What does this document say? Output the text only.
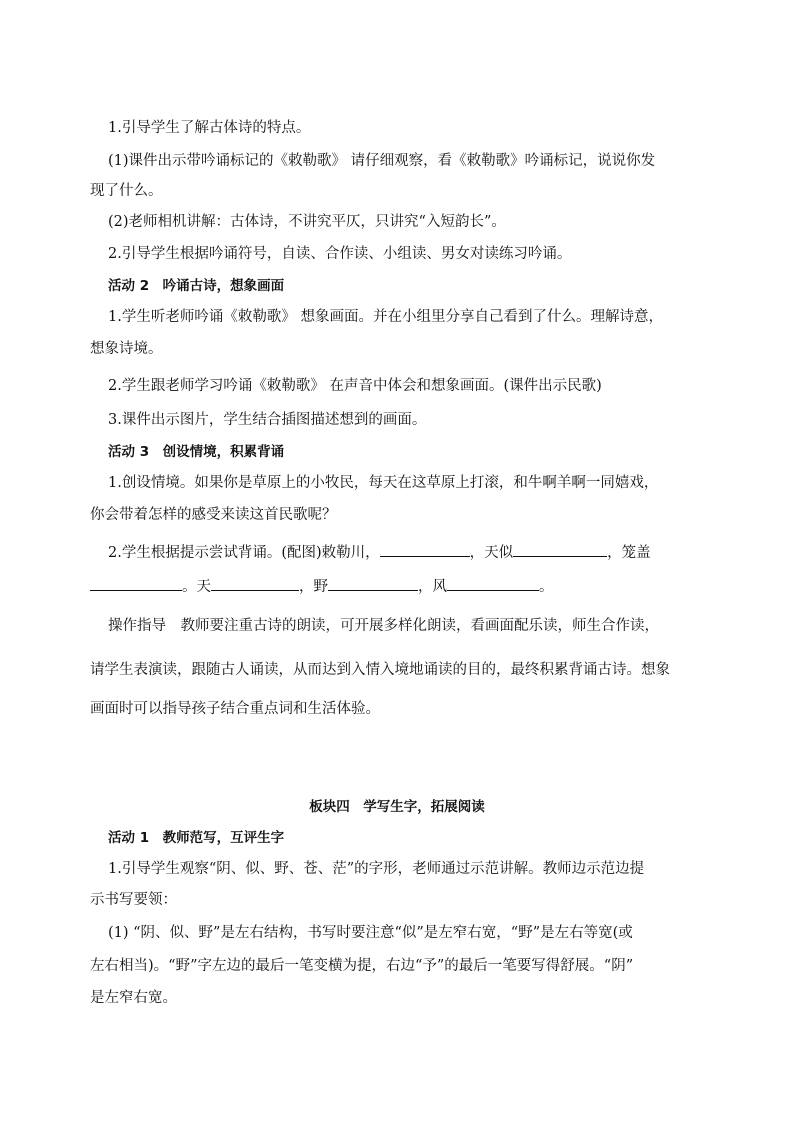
1.引导学生了解古体诗的特点。
(1)课件出示带吟诵标记的《敕勒歌》 请仔细观察，看《敕勒歌》吟诵标记，说说你发
现了什么。
(2)老师相机讲解：古体诗，不讲究平仄，只讲究“入短韵长”。
2.引导学生根据吟诵符号，自读、合作读、小组读、男女对读练习吟诵。
活动 2　吟诵古诗，想象画面
1.学生听老师吟诵《敕勒歌》 想象画面。并在小组里分享自己看到了什么。理解诗意，
想象诗境。
2.学生跟老师学习吟诵《敕勒歌》 在声音中体会和想象画面。(课件出示民歌)
3.课件出示图片，学生结合插图描述想到的画面。
活动 3　创设情境，积累背诵
1.创设情境。如果你是草原上的小牧民，每天在这草原上打滚，和牛啊羊啊一同嬉戏，
你会带着怎样的感受来读这首民歌呢？
2.学生根据提示尝试背诵。(配图)敕勒川，	，天似	，笼盖
。天	，野	，风	。
操作指导　教师要注重古诗的朗读，可开展多样化朗读，看画面配乐读，师生合作读，
请学生表演读，跟随古人诵读，从而达到入情入境地诵读的目的，最终积累背诵古诗。想象
画面时可以指导孩子结合重点词和生活体验。
板块四　学写生字，拓展阅读
活动 1　教师范写，互评生字
1.引导学生观察“阴、似、野、苍、茫”的字形，老师通过示范讲解。教师边示范边提
示书写要领：
(1) “阴、似、野”是左右结构，书写时要注意“似”是左窄右宽，“野”是左右等宽(或
左右相当)。“野”字左边的最后一笔变横为提，右边“予”的最后一笔要写得舒展。“阴”
是左窄右宽。
